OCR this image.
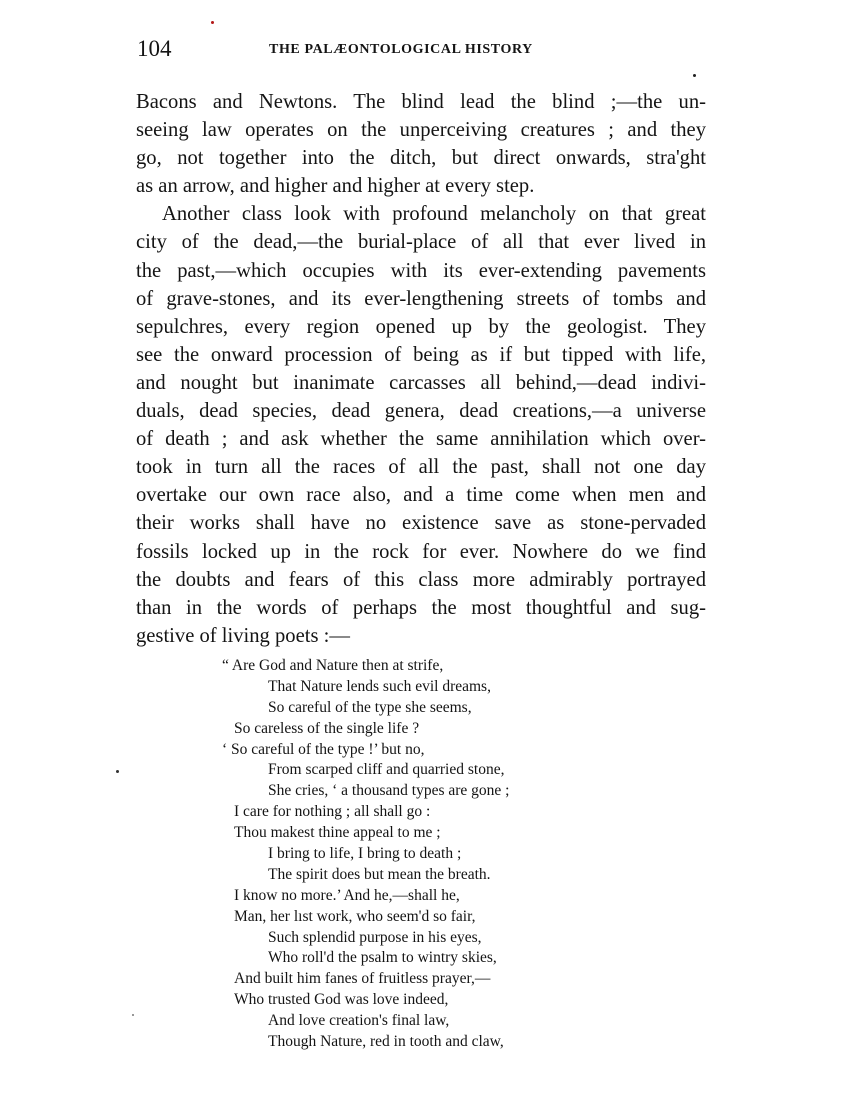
104	THE PALÆONTOLOGICAL HISTORY
Bacons and Newtons. The blind lead the blind ;—the un-
seeing law operates on the unperceiving creatures ; and they
go, not together into the ditch, but direct onwards, stra'ght
as an arrow, and higher and higher at every step.
Another class look with profound melancholy on that great
city of the dead,—the burial-place of all that ever lived in
the past,—which occupies with its ever-extending pavements
of grave-stones, and its ever-lengthening streets of tombs and
sepulchres, every region opened up by the geologist. They
see the onward procession of being as if but tipped with life,
and nought but inanimate carcasses all behind,—dead indivi-
duals, dead species, dead genera, dead creations,—a universe
of death ; and ask whether the same annihilation which over-
took in turn all the races of all the past, shall not one day
overtake our own race also, and a time come when men and
their works shall have no existence save as stone-pervaded
fossils locked up in the rock for ever. Nowhere do we find
the doubts and fears of this class more admirably portrayed
than in the words of perhaps the most thoughtful and sug-
gestive of living poets :—
“ Are God and Nature then at strife,
That Nature lends such evil dreams,
So careful of the type she seems,
So careless of the single life ?
‘ So careful of the type !’ but no,
From scarped cliff and quarried stone,
She cries, ‘ a thousand types are gone ;
I care for nothing ; all shall go :
Thou makest thine appeal to me ;
I bring to life, I bring to death ;
The spirit does but mean the breath.
I know no more.’ And he,—shall he,
Man, her lıst work, who seem'd so fair,
Such splendid purpose in his eyes,
Who roll'd the psalm to wintry skies,
And built him fanes of fruitless prayer,—
Who trusted God was love indeed,
And love creation's final law,
Though Nature, red in tooth and claw,
